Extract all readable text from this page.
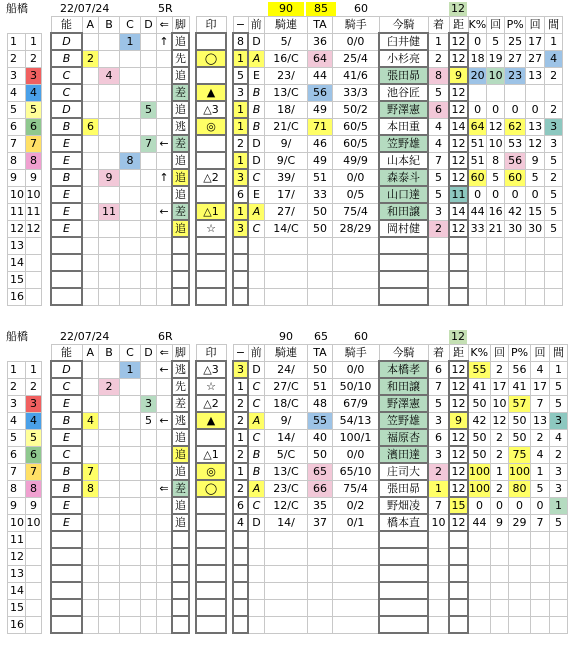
船橋	22/07/24	5R	90	85	60	12
			能	A	B	C	D	⇐	脚		印		−	前	騎連	TA	騎手	今騎	着	距	K%	回	P%	回	間
1	1		D			1		↑	追				8	D	5/	36	0/0	臼井健	1	12	0	5	25	17	1
2	2		B	2					先		◯		1	A	16/C	64	25/4	小杉亮	2	12	18	19	27	27	4
3	3		C		4				追				5	E	23/	44	41/6	張田昴	8	9	20	10	23	13	2
4	4		C						差		▲		3	B	13/C	56	33/3	池谷匠	5	12					
5	5		D				5		追		△3		1	B	18/	49	50/2	野澤憲	6	12	0	0	0	0	2
6	6		B	6					逃		◎		1	B	21/C	71	60/5	本田重	4	14	64	12	62	13	3
7	7		E				7	←	差				2	D	9/	46	60/5	笠野雄	4	12	51	10	53	12	3
8	8		E			8			追				1	D	9/C	49	49/9	山本紀	7	12	51	8	56	9	5
9	9		B		9			↑	追		△2		3	C	39/	51	0/0	森泰斗	5	12	60	5	60	5	2
10	10		E						追				6	E	17/	33	0/5	山口達	5	11	0	0	0	0	5
11	11		E		11			←	差		△1		1	A	27/	50	75/4	和田譲	3	14	44	16	42	15	5
12	12		E						追		☆		3	C	14/C	50	28/29	岡村健	2	12	33	21	30	30	5
13																									
14																									
15																									
16																									
船橋	22/07/24	6R	90	65	60	12
			能	A	B	C	D	⇐	脚		印		−	前	騎連	TA	騎手	今騎	着	距	K%	回	P%	回	間
1	1		D			1		←	逃		△3		3	D	24/	50	0/0	本橋孝	6	12	55	2	56	4	1
2	2		C		2				先		☆		1	C	27/C	51	50/10	和田譲	7	12	41	17	41	17	5
3	3		E				3		差		△2		2	C	18/C	48	67/9	野澤憲	5	12	50	10	57	7	5
4	4		B	4			5	←	逃		▲		2	A	9/	55	54/13	笠野雄	3	9	42	12	50	13	3
5	5		E						追				1	C	14/	40	100/1	福原杏	6	12	50	2	50	2	4
6	6		C						追		△1		2	B	5/C	50	0/0	濱田達	3	12	50	2	75	4	2
7	7		B	7					追		◎		1	B	13/C	65	65/10	庄司大	2	12	100	1	100	1	3
8	8		B	8				⇐	差		◯		2	A	23/C	66	75/4	張田昴	1	12	100	2	80	5	3
9	9		E						追				6	C	12/C	35	0/2	野畑凌	7	15	0	0	0	0	1
10	10		E						追				4	D	14/	37	0/1	橋本直	10	12	44	9	29	7	5
11																									
12																									
13																									
14																									
15																									
16																									
